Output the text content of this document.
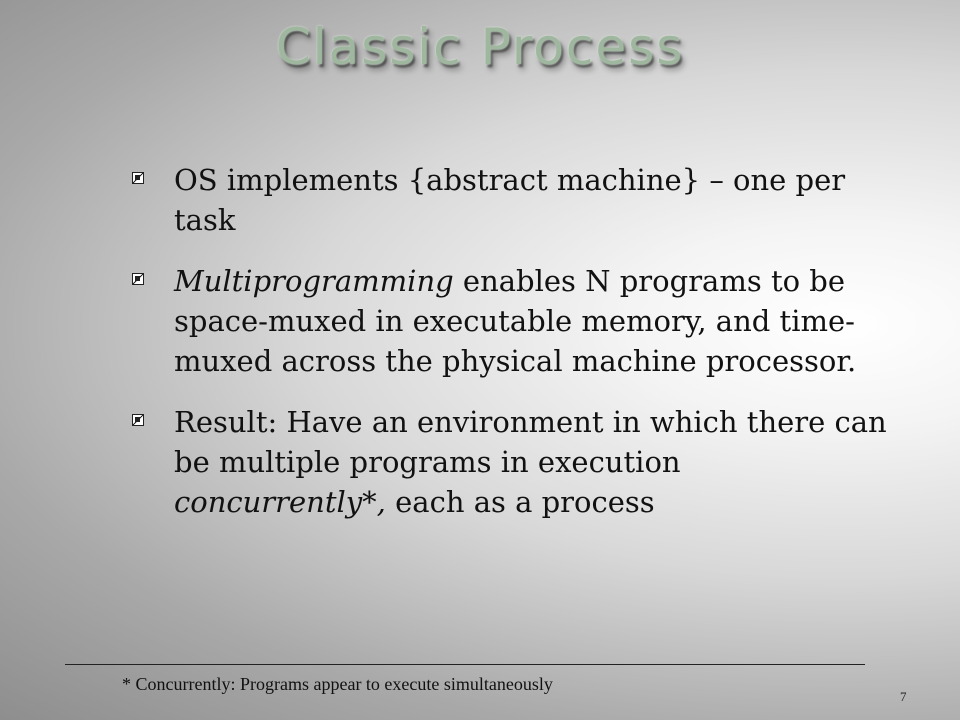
Classic Process
OS implements {abstract machine} – one per task
Multiprogramming enables N programs to be space-muxed in executable memory, and time-muxed across the physical machine processor.
Result: Have an environment in which there can be multiple programs in execution concurrently*, each as a process
* Concurrently: Programs appear to execute simultaneously
7
